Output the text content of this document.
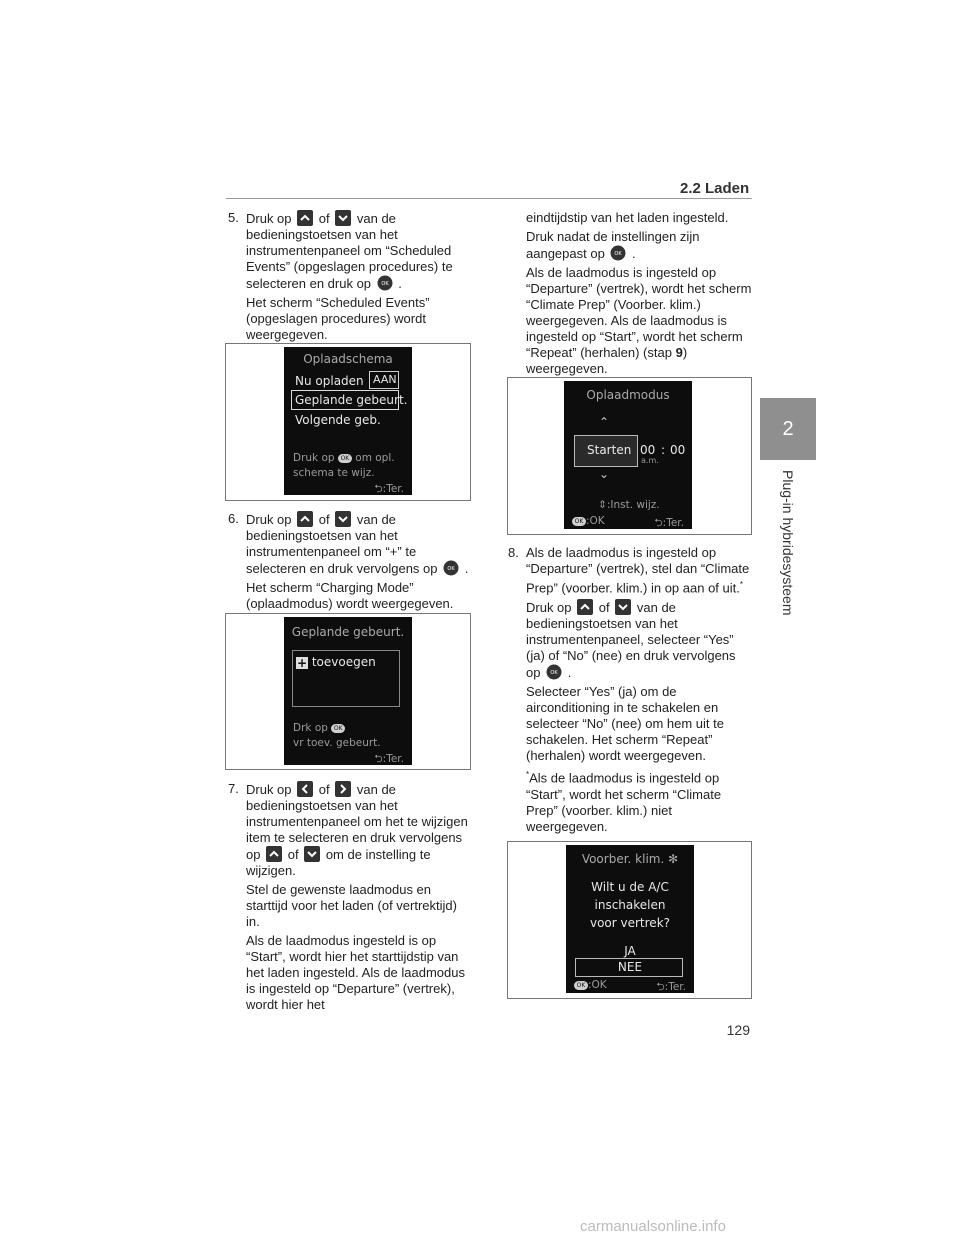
2.2 Laden
2
Plug-in hybridesysteem
5. Druk op of van de bedieningstoetsen van het instrumentenpaneel om “Scheduled Events” (opgeslagen procedures) te selecteren en druk op OK .

Het scherm “Scheduled Events” (opgeslagen procedures) wordt weergegeven.

Oplaadschema
Nu opladen AAN
Geplande gebeurt.
Volgende geb.
Druk op OK om opl.
schema te wijz.
⮌:Ter.
6. Druk op of van de bedieningstoetsen van het instrumentenpaneel om “+” te selecteren en druk vervolgens op OK .

Het scherm “Charging Mode” (oplaadmodus) wordt weergegeven.

Geplande gebeurt.
+ toevoegen
Drk op OK
vr toev. gebeurt.
⮌:Ter.
7. Druk op of van de bedieningstoetsen van het instrumentenpaneel om het te wijzigen item te selecteren en druk vervolgens op of om de instelling te wijzigen.

Stel de gewenste laadmodus en starttijd voor het laden (of vertrektijd) in.

Als de laadmodus ingesteld is op “Start”, wordt hier het starttijdstip van het laden ingesteld. Als de laadmodus is ingesteld op “Departure” (vertrek), wordt hier het

eindtijdstip van het laden ingesteld.

Druk nadat de instellingen zijn aangepast op OK .

Als de laadmodus is ingesteld op “Departure” (vertrek), wordt het scherm “Climate Prep” (Voorber. klim.) weergegeven. Als de laadmodus is ingesteld op “Start”, wordt het scherm “Repeat” (herhalen) (stap 9) weergegeven.

Oplaadmodus
⌃
Starten 00 : 00
a.m.
⌄
⇕:Inst. wijz.
OK :OK	⮌:Ter.
8. Als de laadmodus is ingesteld op “Departure” (vertrek), stel dan “Climate Prep” (voorber. klim.) in op aan of uit.*

Druk op of van de bedieningstoetsen van het instrumentenpaneel, selecteer “Yes” (ja) of “No” (nee) en druk vervolgens op OK .

Selecteer “Yes” (ja) om de airconditioning in te schakelen en selecteer “No” (nee) om hem uit te schakelen. Het scherm “Repeat” (herhalen) wordt weergegeven.

*Als de laadmodus is ingesteld op “Start”, wordt het scherm “Climate Prep” (voorber. klim.) niet weergegeven.

Voorber. klim. ✻
Wilt u de A/C
inschakelen
voor vertrek?
JA
NEE
OK :OK	⮌:Ter.
129
carmanualsonline.info
